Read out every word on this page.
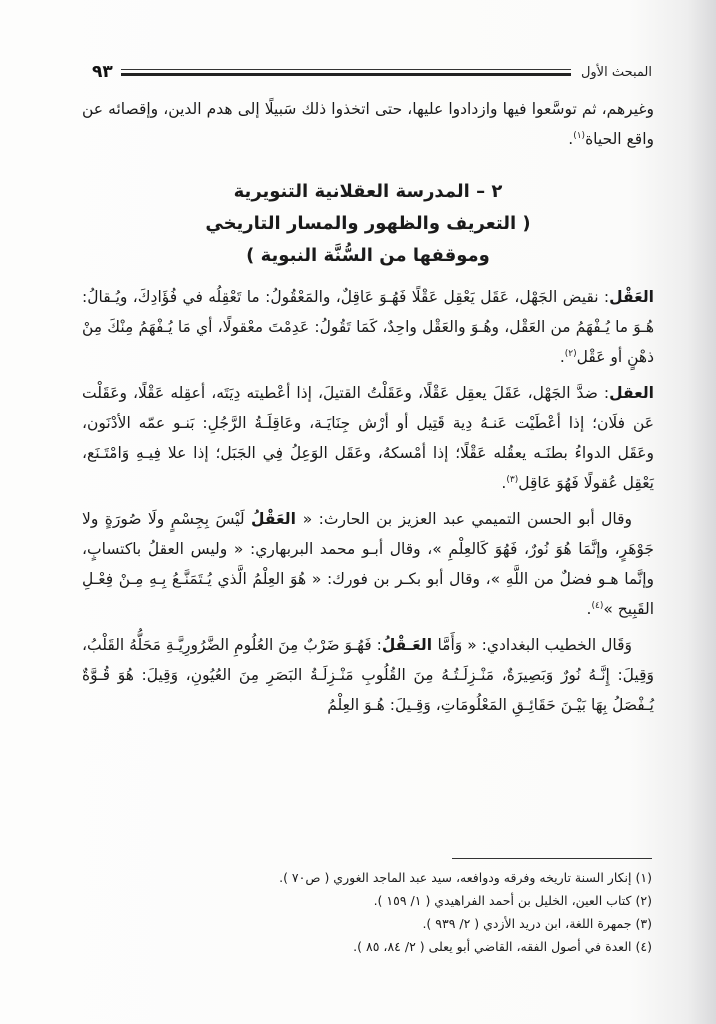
المبحث الأول
٩٣

وغيرهم، ثم توسَّعوا فيها وازدادوا عليها، حتى اتخذوا ذلك سَبيلًا إلى هدم الدين، وإقصائه عن واقع الحياة$^{(١)}$.

٢ – المدرسة العقلانية التنويرية
( التعريف والظهور والمسار التاريخي
وموقفها من السُّنَّة النبوية )

العَقْل: نقيض الجَهْل، عَقَل يَعْقِل عَقْلًا فَهُـوَ عَاقِلٌ، والمَعْقُولُ: ما تَعْقِلُه في فُؤَادِكَ، ويُـقالُ: هُـوَ ما يُـفْهَمُ من العَقْل، وهُـوَ والعَقْل واحِدٌ، كَمَا تَقُولُ: عَدِمْتَ معْقولًا، أي مَا يُـفْهَمُ مِنْكَ مِنْ ذهْنٍ أو عَقْل$^{(٢)}$.

العقل: ضدَّ الجَهْل، عَقَلَ يعقِل عَقْلًا، وعَقَلْتُ القتيلَ، إذا أعْطيته دِيَتَه، أعقِله عَقْلًا، وعَقَلْت عَن فلَان؛ إذا أعْطَيْت عَنـهُ دِية قَتِيل أو أرْش جِنَايَـة، وعَاقِلَـةُ الرَّجُلِ: بَنـو عمّه الأدْنَون، وعَقَل الدواءُ بطنَـه يعقُله عَقْلًا؛ إذا أمْسكهُ، وعَقَل الوَعِلُ فِي الجَبَل؛ إذا علا فِيـهِ وَامْتَـنَع، يَعْقِل عُقولًا فَهُوَ عَاقِل$^{(٣)}$.

وقال أبو الحسن التميمي عبد العزيز بن الحارث: « العَقْلُ لَيْسَ بِجِسْمٍ ولَا صُورَةٍ ولا جَوْهَرٍ، وإنَّمَا هُوَ نُورٌ، فَهُوَ كَالعِلْمِ »، وقال أبـو محمد البربهاري: « وليس العقلُ باكتسابٍ، وإنَّما هـو فضلٌ من اللَّهِ »، وقال أبو بكـر بن فورك: « هُوَ العِلْمُ الَّذي يُـتَمَنَّـعُ بِـهِ مِـنْ فِعْـلِ القَبِيح »$^{(٤)}$.

وَقَال الخطيب البغدادي: « وَأَمَّا العَـقْلُ: فَهُـوَ ضَرْبٌ مِنَ العُلُومِ الضَّرُورِيَّـةِ مَحَلُّهُ القَلْبُ، وَقِيلَ: إِنَّـهُ نُورٌ وَبَصِيرَةٌ، مَنْـزِلَـتُـهُ مِنَ القُلُوبِ مَنْـزِلَـةُ البَصَرِ مِنَ العُيُونِ، وَقِيلَ: هُوَ قُـوَّةٌ يُـفْصَلُ بِهَا بَيْـنَ حَقَائِـقِ المَعْلُومَاتِ، وَقِـيلَ: هُـوَ العِلْمُ

(١)إنكار السنة تاريخه وفرقه ودوافعه، سيد عبد الماجد الغوري ( ص٧٠ ).
(٢)كتاب العين، الخليل بن أحمد الفراهيدي ( ١/ ١٥٩ ).
(٣)جمهرة اللغة، ابن دريد الأزدي ( ٢/ ٩٣٩ ).
(٤)العدة في أصول الفقه، القاضي أبو يعلى ( ٢/ ٨٤، ٨٥ ).
